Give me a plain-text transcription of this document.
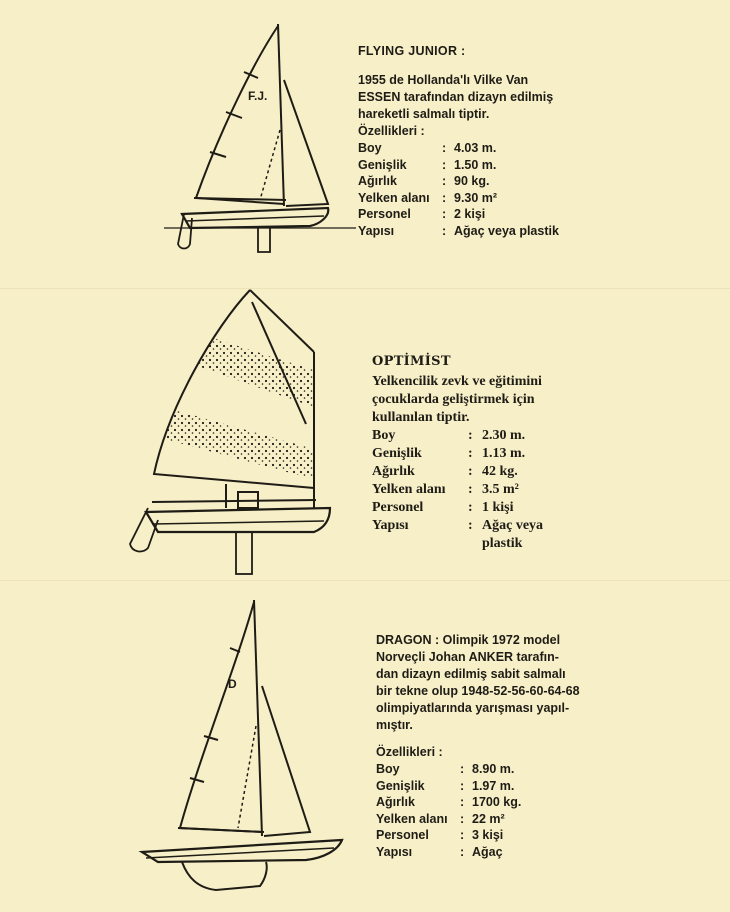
F.J.
FLYING JUNIOR :
1955 de Hollanda'lı Vilke Van
ESSEN tarafından dizayn edilmiş
hareketli salmalı tiptir.
Özellikleri :
Boy	: 4.03 m.
Genişlik	: 1.50 m.
Ağırlık	: 90 kg.
Yelken alanı : 9.30 m²
Personel	: 2 kişi
Yapısı	: Ağaç veya plastik
OPTİMİST
Yelkencilik zevk ve eğitimini
çocuklarda geliştirmek için
kullanılan tiptir.
Boy	: 2.30 m.
Genişlik	: 1.13 m.
Ağırlık	: 42 kg.
Yelken alanı	: 3.5 m²
Personel	: 1 kişi
Yapısı	: Ağaç veya
plastik
D
DRAGON : Olimpik 1972 model
Norveçli Johan ANKER tarafın-
dan dizayn edilmiş sabit salmalı
bir tekne olup 1948-52-56-60-64-68
olimpiyatlarında yarışması yapıl-
mıştır.
Özellikleri :
Boy	: 8.90 m.
Genişlik	: 1.97 m.
Ağırlık	: 1700 kg.
Yelken alanı : 22 m²
Personel	: 3 kişi
Yapısı	: Ağaç
